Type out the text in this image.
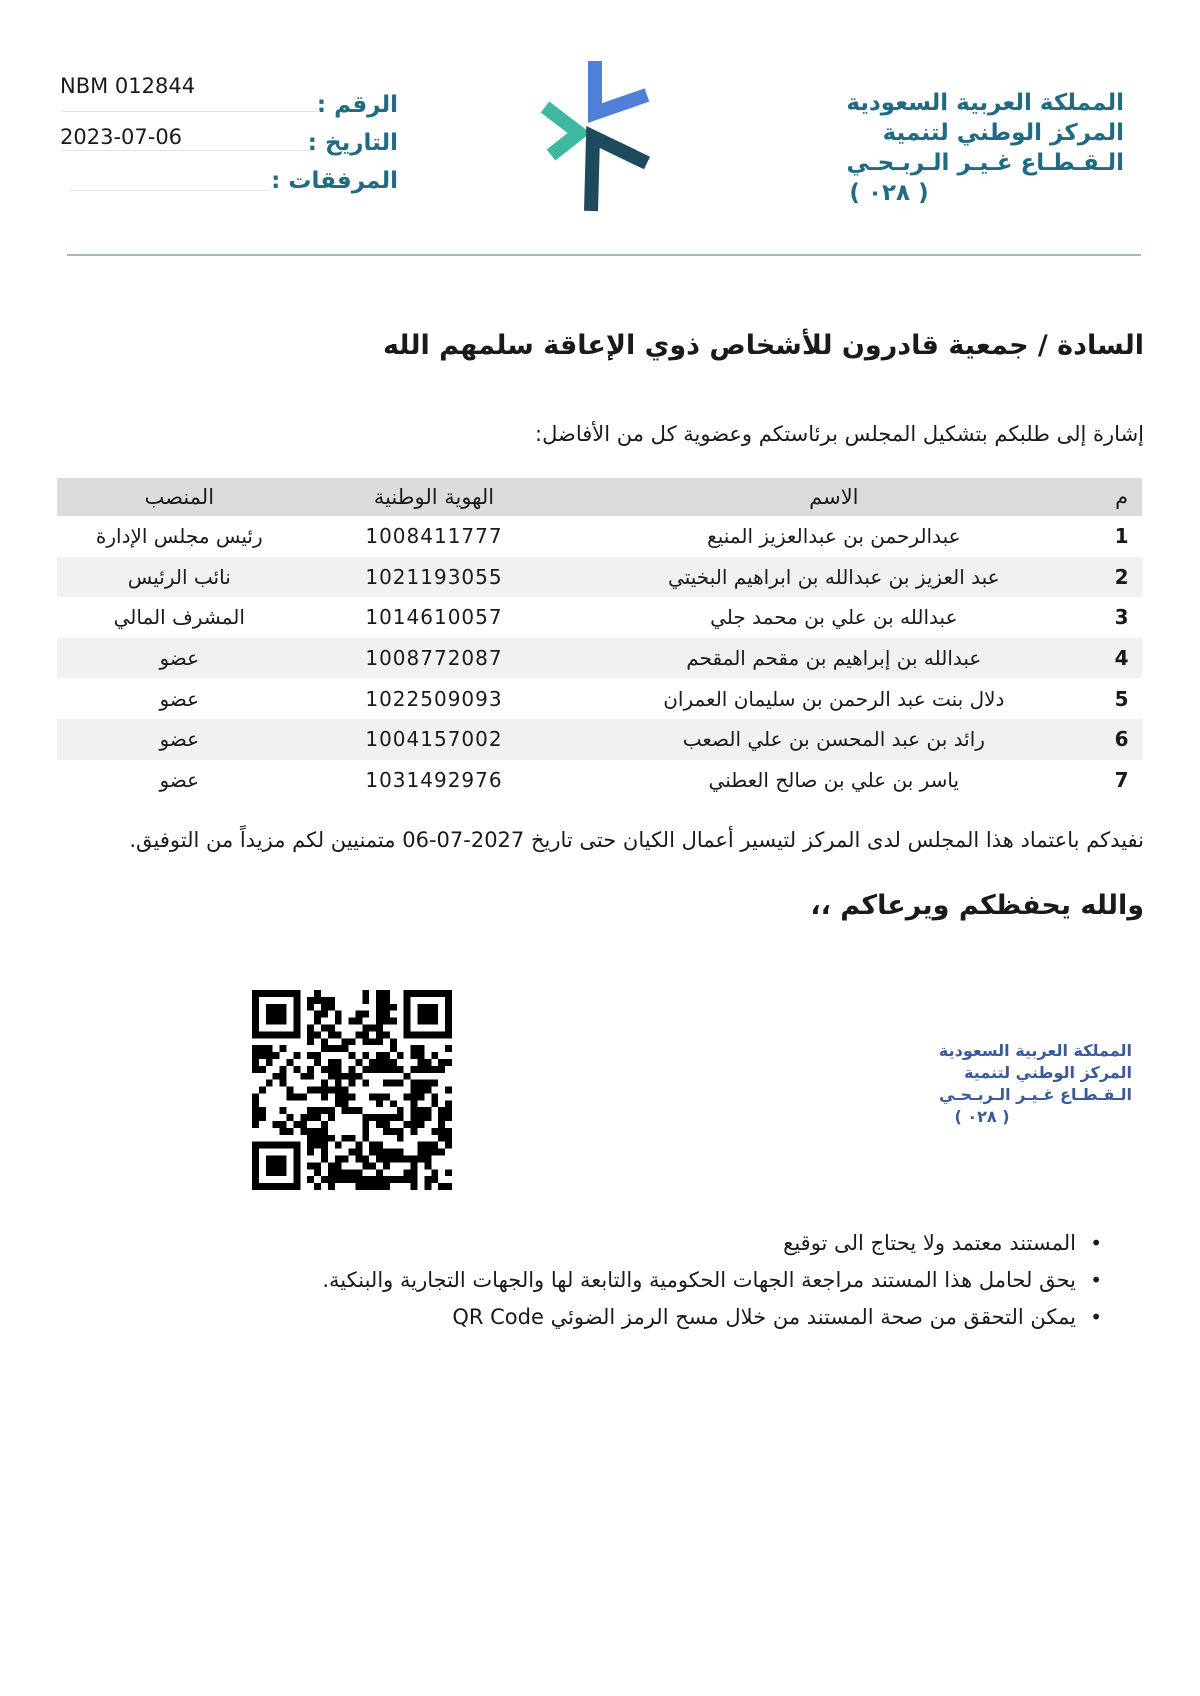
المملكة العربية السعودية
المركز الوطني لتنمية
الـقـطـاع غـيـر الـربـحـي
( ٠٢٨ )
الرقم :
NBM 012844
التاريخ :
2023-07-06
المرفقات :
السادة / جمعية قادرون للأشخاص ذوي الإعاقة سلمهم الله
إشارة إلى طلبكم بتشكيل المجلس برئاستكم وعضوية كل من الأفاضل:
م	الاسم	الهوية الوطنية	المنصب
1	عبدالرحمن بن عبدالعزيز المنيع	1008411777	رئيس مجلس الإدارة
2	عبد العزيز بن عبدالله بن ابراهيم البخيتي	1021193055	نائب الرئيس
3	عبدالله بن علي بن محمد جلي	1014610057	المشرف المالي
4	عبدالله بن إبراهيم بن مقحم المقحم	1008772087	عضو
5	دلال بنت عبد الرحمن بن سليمان العمران	1022509093	عضو
6	رائد بن عبد المحسن بن علي الصعب	1004157002	عضو
7	ياسر بن علي بن صالح العطني	1031492976	عضو
نفيدكم باعتماد هذا المجلس لدى المركز لتيسير أعمال الكيان حتى تاريخ 2027-07-06 متمنيين لكم مزيداً من التوفيق.
والله يحفظكم ويرعاكم ،،
المملكة العربية السعودية
المركز الوطني لتنمية
الـقـطـاع غـيـر الـربـحـي
( ٠٢٨ )
• المستند معتمد ولا يحتاج الى توقيع
• يحق لحامل هذا المستند مراجعة الجهات الحكومية والتابعة لها والجهات التجارية والبنكية.
• يمكن التحقق من صحة المستند من خلال مسح الرمز الضوئي QR Code
